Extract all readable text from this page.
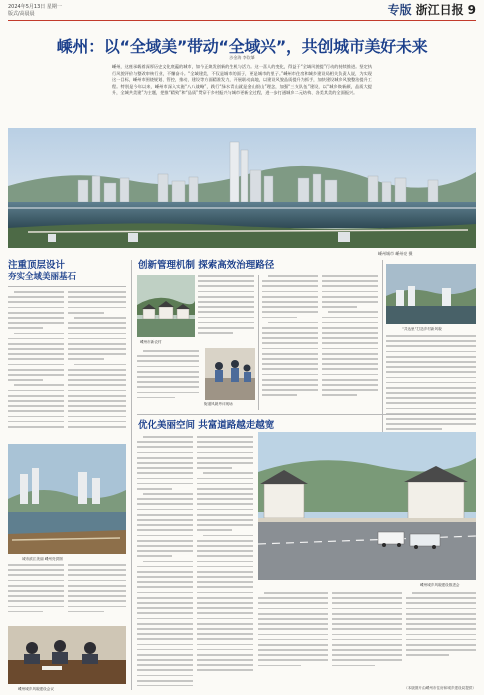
2024年5月13日 星期一
版式/高晨晨	专版 浙江日报 9
嵊州：以“全域美”带动“全域兴”，共创城市美好未来
沙金海 李钦肇
嵊州，这座承载着深厚历史文化底蕴的城市，如今正焕发创新的生机与活力。这一喜人的变化，得益于“全域风貌提”行动的持续推进。坚定执行风貌评价与整改审核行业，不懈奋斗。“全域建美，不仅是城市的面子，更是城市的里子。”嵊州市住房和城乡建设局相关负责人说，为实现这一目标，嵊州市围绕规划、管控，推动，建设等方面精准发力，开展联动高地，以建设风貌品质提升为抓手，加快建设城乡风貌整治提升工程。特别是今年以来，嵊州市深入实施“八八战略”，践行“绿水青山就是金山银山”理念，加强“三支队伍”建设，以“城乡焕新颜，品质大提升，全城共美建”为主题，把推“精致”和“品质”贯穿于乡村振兴与城市更新全过程，进一步打通城乡二元结构、各美其美的全面振兴。
嵊州城市 嵊州亮 摄
注重顶层设计
夯实全域美丽基石
城市滨江美丽 嵊州亮供图
嵊州城乡风貌建设会议
创新管理机制 探索高效治理路径
嵊州市新农村
街道风貌考评现场
“共达里”打造乡村新风貌
优化美丽空间 共富道路越走越宽
嵊州城乡风貌建设推进会
（本版图片由嵊州市住房和城乡建设局提供）
